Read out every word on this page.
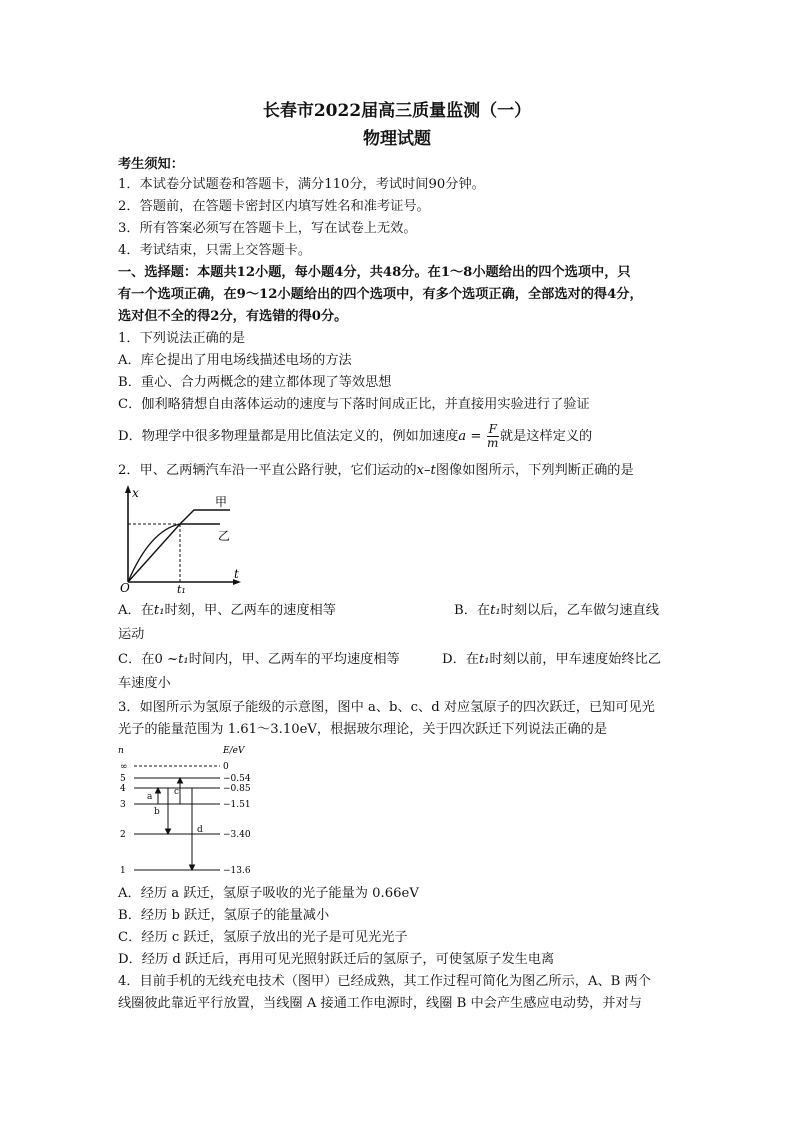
长春市2022届高三质量监测（一）
物理试题
考生须知：
1．本试卷分试题卷和答题卡，满分110分，考试时间90分钟。
2．答题前，在答题卡密封区内填写姓名和准考证号。
3．所有答案必须写在答题卡上，写在试卷上无效。
4．考试结束，只需上交答题卡。
一、选择题：本题共12小题，每小题4分，共48分。在1～8小题给出的四个选项中，只
有一个选项正确，在9～12小题给出的四个选项中，有多个选项正确，全部选对的得4分，
选对但不全的得2分，有选错的得0分。
1．下列说法正确的是
A．库仑提出了用电场线描述电场的方法
B．重心、合力两概念的建立都体现了等效思想
C．伽利略猜想自由落体运动的速度与下落时间成正比，并直接用实验进行了验证
D．物理学中很多物理量都是用比值法定义的，例如加速度$a = \frac{F}{m}$ 就是这样定义的
2．甲、乙两辆汽车沿一平直公路行驶，它们运动的x–t图像如图所示，下列判断正确的是
x
t
O	t₁
甲
乙
A．在t₁时刻，甲、乙两车的速度相等	B．在t₁时刻以后，乙车做匀速直线
运动
C．在0 ~t₁时间内，甲、乙两车的平均速度相等	D．在t₁时刻以前，甲车速度始终比乙
车速度小
3．如图所示为氢原子能级的示意图，图中 a、b、c、d 对应氢原子的四次跃迁，已知可见光
光子的能量范围为 1.61～3.10eV，根据玻尔理论，关于四次跃迁下列说法正确的是
n	E/eV
∞	0
5	−0.54
4	−0.85
3	−1.51
2	−3.40
1	−13.6
a
b
c
d
A．经历 a 跃迁，氢原子吸收的光子能量为 0.66eV
B．经历 b 跃迁，氢原子的能量减小
C．经历 c 跃迁，氢原子放出的光子是可见光光子
D．经历 d 跃迁后，再用可见光照射跃迁后的氢原子，可使氢原子发生电离
4．目前手机的无线充电技术（图甲）已经成熟，其工作过程可简化为图乙所示，A、B 两个
线圈彼此靠近平行放置，当线圈 A 接通工作电源时，线圈 B 中会产生感应电动势，并对与
